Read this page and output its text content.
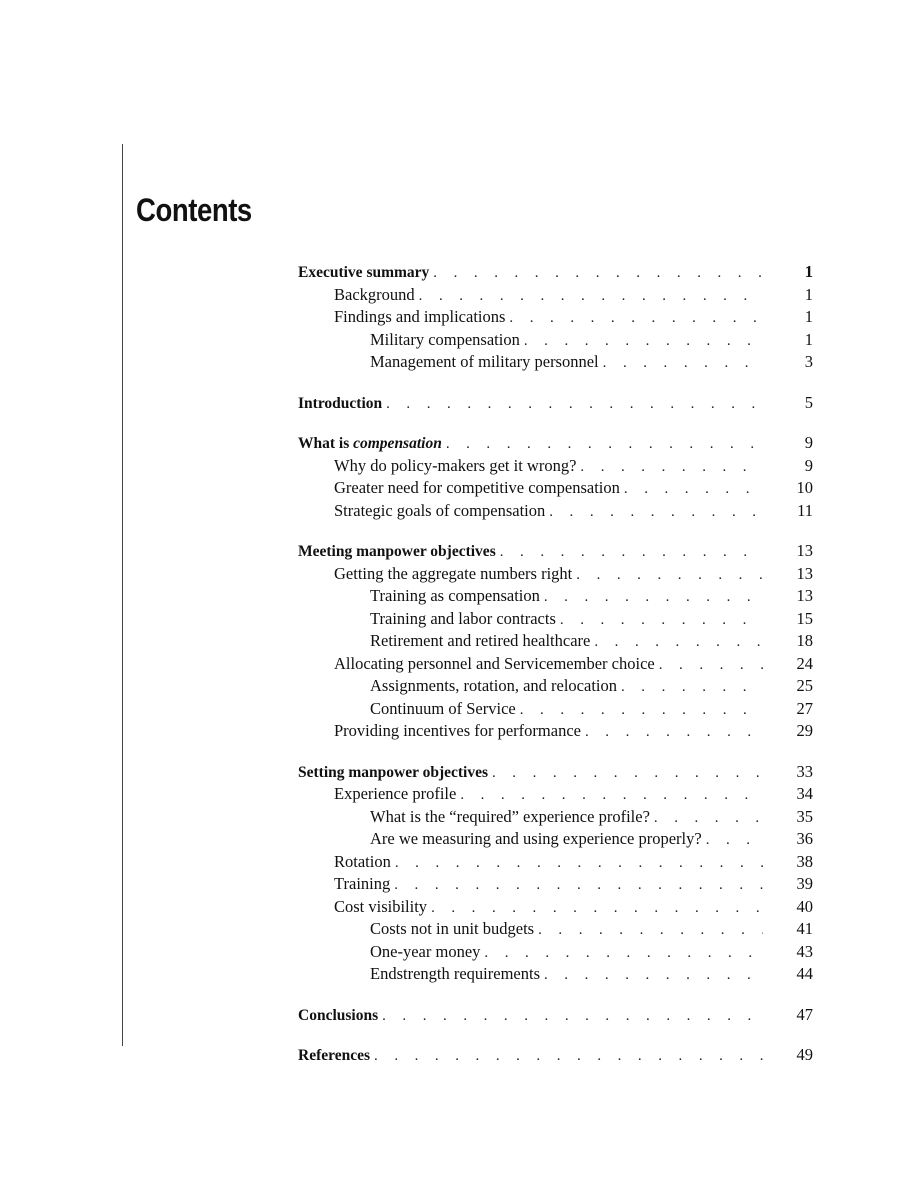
Contents
Executive summary . . .	1
Background . . .	1
Findings and implications . . .	1
Military compensation . . .	1
Management of military personnel . . .	3
Introduction . . .	5
What is compensation . . .	9
Why do policy-makers get it wrong? . . .	9
Greater need for competitive compensation . . .	10
Strategic goals of compensation . . .	11
Meeting manpower objectives . . .	13
Getting the aggregate numbers right . . .	13
Training as compensation . . .	13
Training and labor contracts . . .	15
Retirement and retired healthcare . . .	18
Allocating personnel and Servicemember choice . . .	24
Assignments, rotation, and relocation . . .	25
Continuum of Service . . .	27
Providing incentives for performance . . .	29
Setting manpower objectives . . .	33
Experience profile . . .	34
What is the “required” experience profile? . . .	35
Are we measuring and using experience properly? . . .	36
Rotation . . .	38
Training . . .	39
Cost visibility . . .	40
Costs not in unit budgets . . .	41
One-year money . . .	43
Endstrength requirements . . .	44
Conclusions . . .	47
References . . .	49
